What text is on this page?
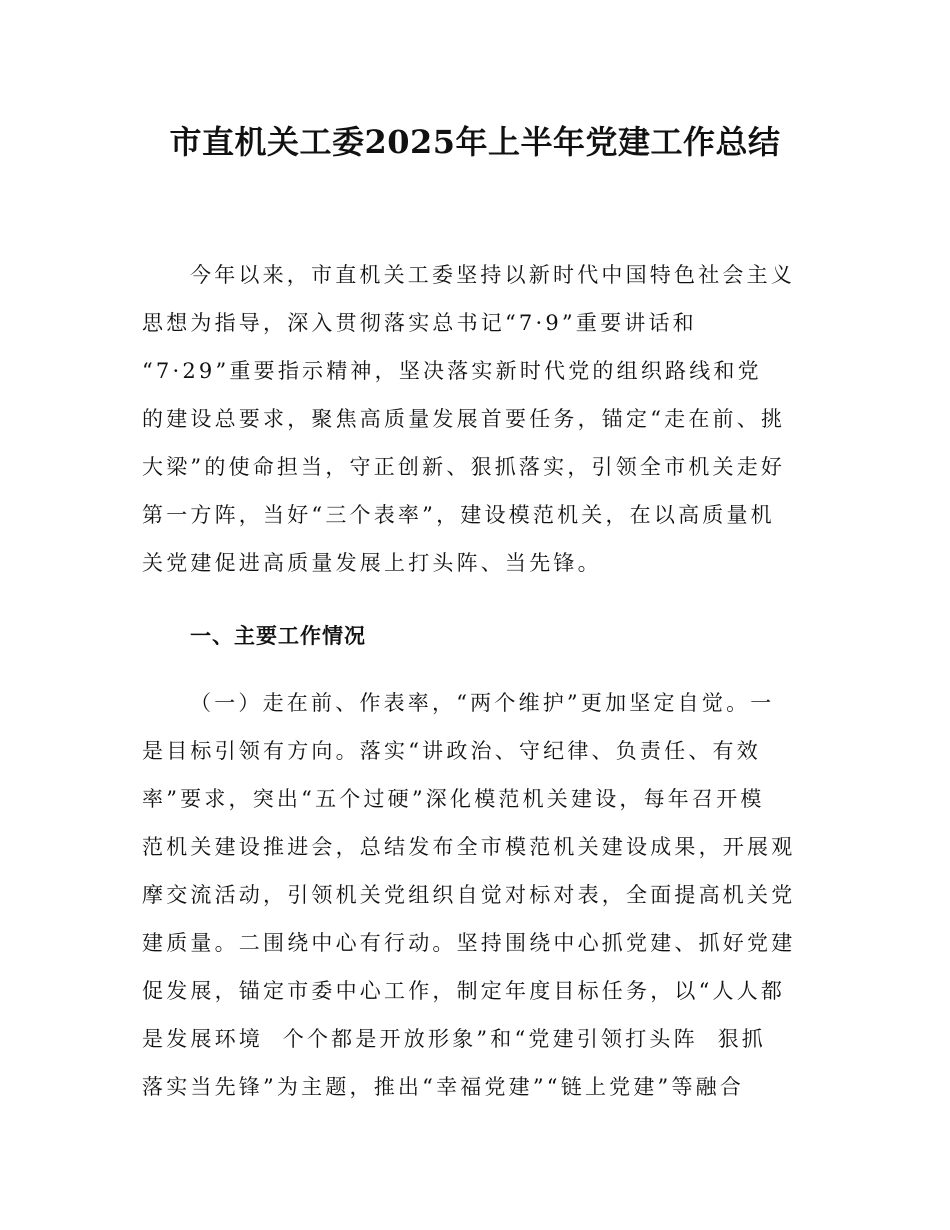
市直机关工委2025年上半年党建工作总结
今年以来，市直机关工委坚持以新时代中国特色社会主义
思想为指导，深入贯彻落实总书记“7·9”重要讲话和
“7·29”重要指示精神，坚决落实新时代党的组织路线和党
的建设总要求，聚焦高质量发展首要任务，锚定“走在前、挑
大梁”的使命担当，守正创新、狠抓落实，引领全市机关走好
第一方阵，当好“三个表率”，建设模范机关，在以高质量机
关党建促进高质量发展上打头阵、当先锋。
一、主要工作情况
（一）走在前、作表率，“两个维护”更加坚定自觉。一
是目标引领有方向。落实“讲政治、守纪律、负责任、有效
率”要求，突出“五个过硬”深化模范机关建设，每年召开模
范机关建设推进会，总结发布全市模范机关建设成果，开展观
摩交流活动，引领机关党组织自觉对标对表，全面提高机关党
建质量。二围绕中心有行动。坚持围绕中心抓党建、抓好党建
促发展，锚定市委中心工作，制定年度目标任务，以“人人都
是发展环境  个个都是开放形象”和“党建引领打头阵  狠抓
落实当先锋”为主题，推出“幸福党建”“链上党建”等融合
